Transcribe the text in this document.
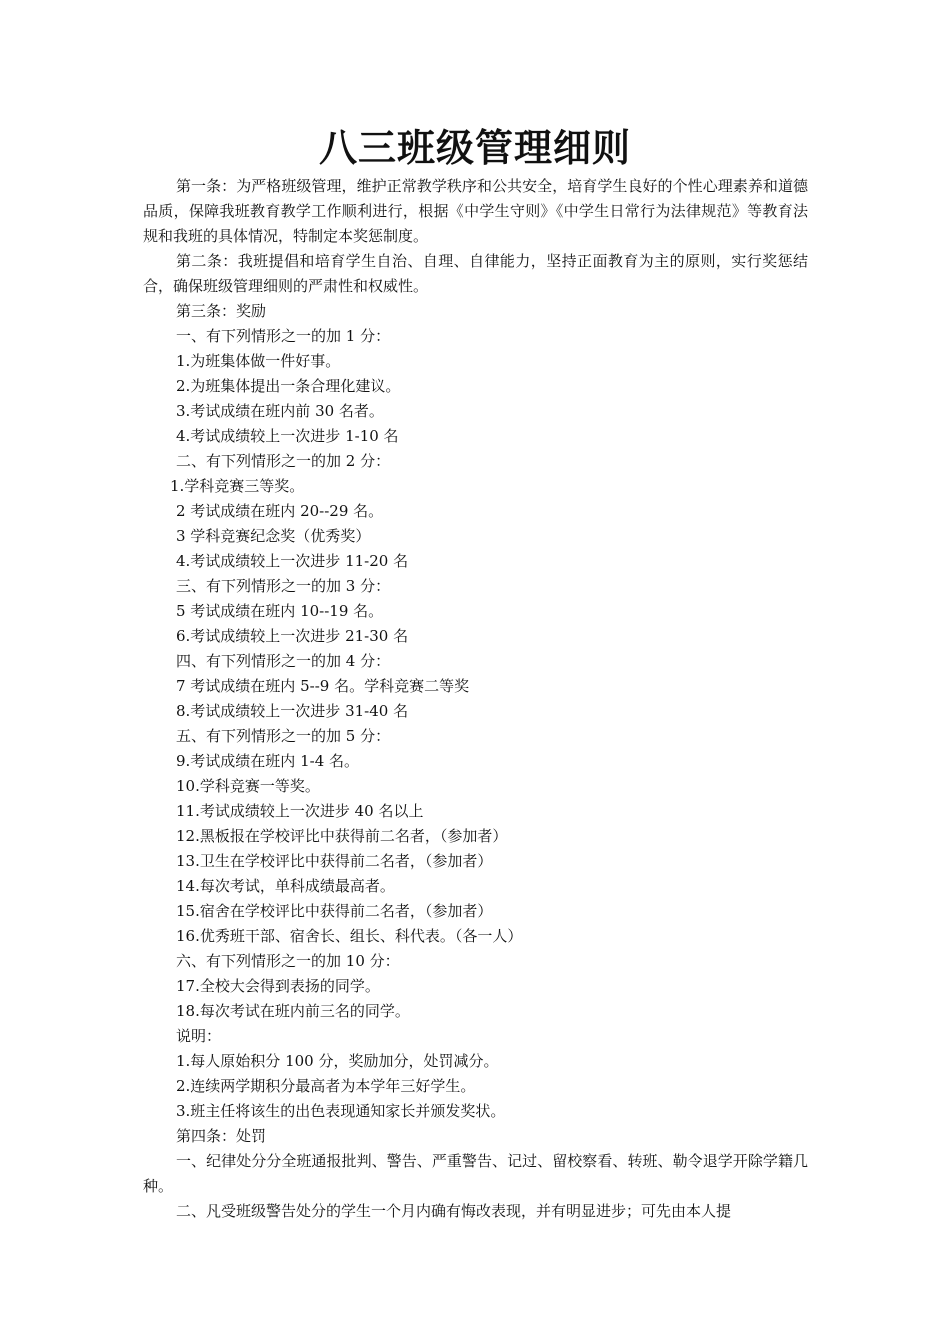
八三班级管理细则

第一条：为严格班级管理，维护正常教学秩序和公共安全，培育学生良好的个性心理素养和道德品质，保障我班教育教学工作顺利进行，根据《中学生守则》《中学生日常行为法律规范》等教育法规和我班的具体情况，特制定本奖惩制度。

第二条：我班提倡和培育学生自治、自理、自律能力，坚持正面教育为主的原则，实行奖惩结合，确保班级管理细则的严肃性和权威性。

第三条：奖励

一、有下列情形之一的加 1 分：

1.为班集体做一件好事。

2.为班集体提出一条合理化建议。

3.考试成绩在班内前 30 名者。

4.考试成绩较上一次进步 1-10 名

二、有下列情形之一的加 2 分：

1.学科竞赛三等奖。

2 考试成绩在班内 20--29 名。

3 学科竞赛纪念奖（优秀奖）

4.考试成绩较上一次进步 11-20 名

三、有下列情形之一的加 3 分：

5 考试成绩在班内 10--19 名。

6.考试成绩较上一次进步 21-30 名

四、有下列情形之一的加 4 分：

7 考试成绩在班内 5--9 名。学科竞赛二等奖

8.考试成绩较上一次进步 31-40 名

五、有下列情形之一的加 5 分：

9.考试成绩在班内 1-4 名。

10.学科竞赛一等奖。

11.考试成绩较上一次进步 40 名以上

12.黑板报在学校评比中获得前二名者，（参加者）

13.卫生在学校评比中获得前二名者，（参加者）

14.每次考试，单科成绩最高者。

15.宿舍在学校评比中获得前二名者，（参加者）

16.优秀班干部、宿舍长、组长、科代表。（各一人）

六、有下列情形之一的加 10 分：

17.全校大会得到表扬的同学。

18.每次考试在班内前三名的同学。

说明：

1.每人原始积分 100 分，奖励加分，处罚减分。

2.连续两学期积分最高者为本学年三好学生。

3.班主任将该生的出色表现通知家长并颁发奖状。

第四条：处罚

一、纪律处分分全班通报批判、警告、严重警告、记过、留校察看、转班、勒令退学开除学籍几种。

二、凡受班级警告处分的学生一个月内确有悔改表现，并有明显进步；可先由本人提
